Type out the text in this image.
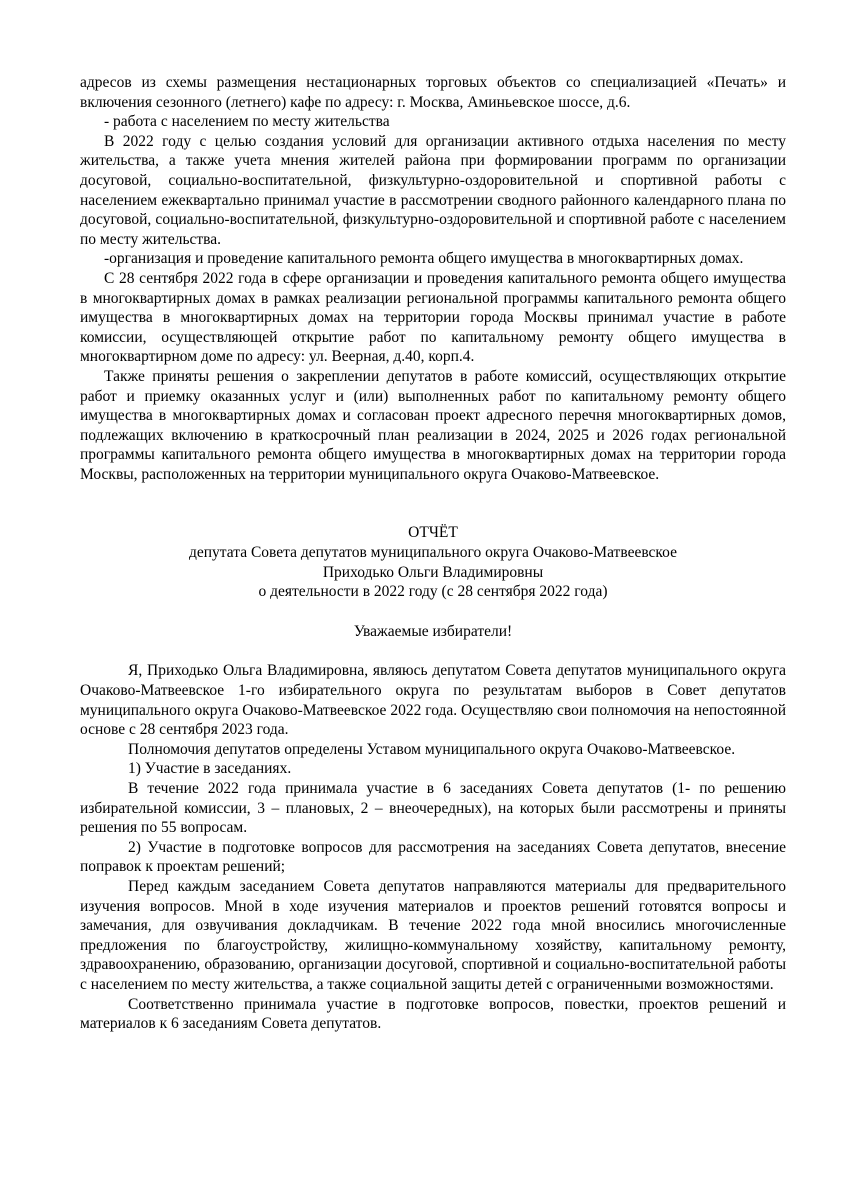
адресов из схемы размещения нестационарных торговых объектов со специализацией «Печать» и включения сезонного (летнего) кафе по адресу: г. Москва, Аминьевское шоссе, д.6.

- работа с населением по месту жительства

В 2022 году с целью создания условий для организации активного отдыха населения по месту жительства, а также учета мнения жителей района при формировании программ по организации досуговой, социально-воспитательной, физкультурно-оздоровительной и спортивной работы с населением ежеквартально принимал участие в рассмотрении сводного районного календарного плана по досуговой, социально-воспитательной, физкультурно-оздоровительной и спортивной работе с населением по месту жительства.

-организация и проведение капитального ремонта общего имущества в многоквартирных домах.

С 28 сентября 2022 года в сфере организации и проведения капитального ремонта общего имущества в многоквартирных домах в рамках реализации региональной программы капитального ремонта общего имущества в многоквартирных домах на территории города Москвы принимал участие в работе комиссии, осуществляющей открытие работ по капитальному ремонту общего имущества в многоквартирном доме по адресу: ул. Веерная, д.40, корп.4.

Также приняты решения о закреплении депутатов в работе комиссий, осуществляющих открытие работ и приемку оказанных услуг и (или) выполненных работ по капитальному ремонту общего имущества в многоквартирных домах и согласован проект адресного перечня многоквартирных домов, подлежащих включению в краткосрочный план реализации в 2024, 2025 и 2026 годах региональной программы капитального ремонта общего имущества в многоквартирных домах на территории города Москвы, расположенных на территории муниципального округа Очаково-Матвеевское.

ОТЧЁТ

депутата Совета депутатов муниципального округа Очаково-Матвеевское

Приходько Ольги Владимировны

о деятельности в 2022 году (с 28 сентября 2022 года)

Уважаемые избиратели!

Я, Приходько Ольга Владимировна, являюсь депутатом Совета депутатов муниципального округа Очаково-Матвеевское 1-го избирательного округа по результатам выборов в Совет депутатов муниципального округа Очаково-Матвеевское 2022 года. Осуществляю свои полномочия на непостоянной основе с 28 сентября 2023 года.

Полномочия депутатов определены Уставом муниципального округа Очаково-Матвеевское.

1) Участие в заседаниях.

В течение 2022 года принимала участие в 6 заседаниях Совета депутатов (1- по решению избирательной комиссии, 3 – плановых, 2 – внеочередных), на которых были рассмотрены и приняты решения по 55 вопросам.

2) Участие в подготовке вопросов для рассмотрения на заседаниях Совета депутатов, внесение поправок к проектам решений;

Перед каждым заседанием Совета депутатов направляются материалы для предварительного изучения вопросов. Мной в ходе изучения материалов и проектов решений готовятся вопросы и замечания, для озвучивания докладчикам. В течение 2022 года мной вносились многочисленные предложения по благоустройству, жилищно-коммунальному хозяйству, капитальному ремонту, здравоохранению, образованию, организации досуговой, спортивной и социально-воспитательной работы с населением по месту жительства, а также социальной защиты детей с ограниченными возможностями.

Соответственно принимала участие в подготовке вопросов, повестки, проектов решений и материалов к 6 заседаниям Совета депутатов.
